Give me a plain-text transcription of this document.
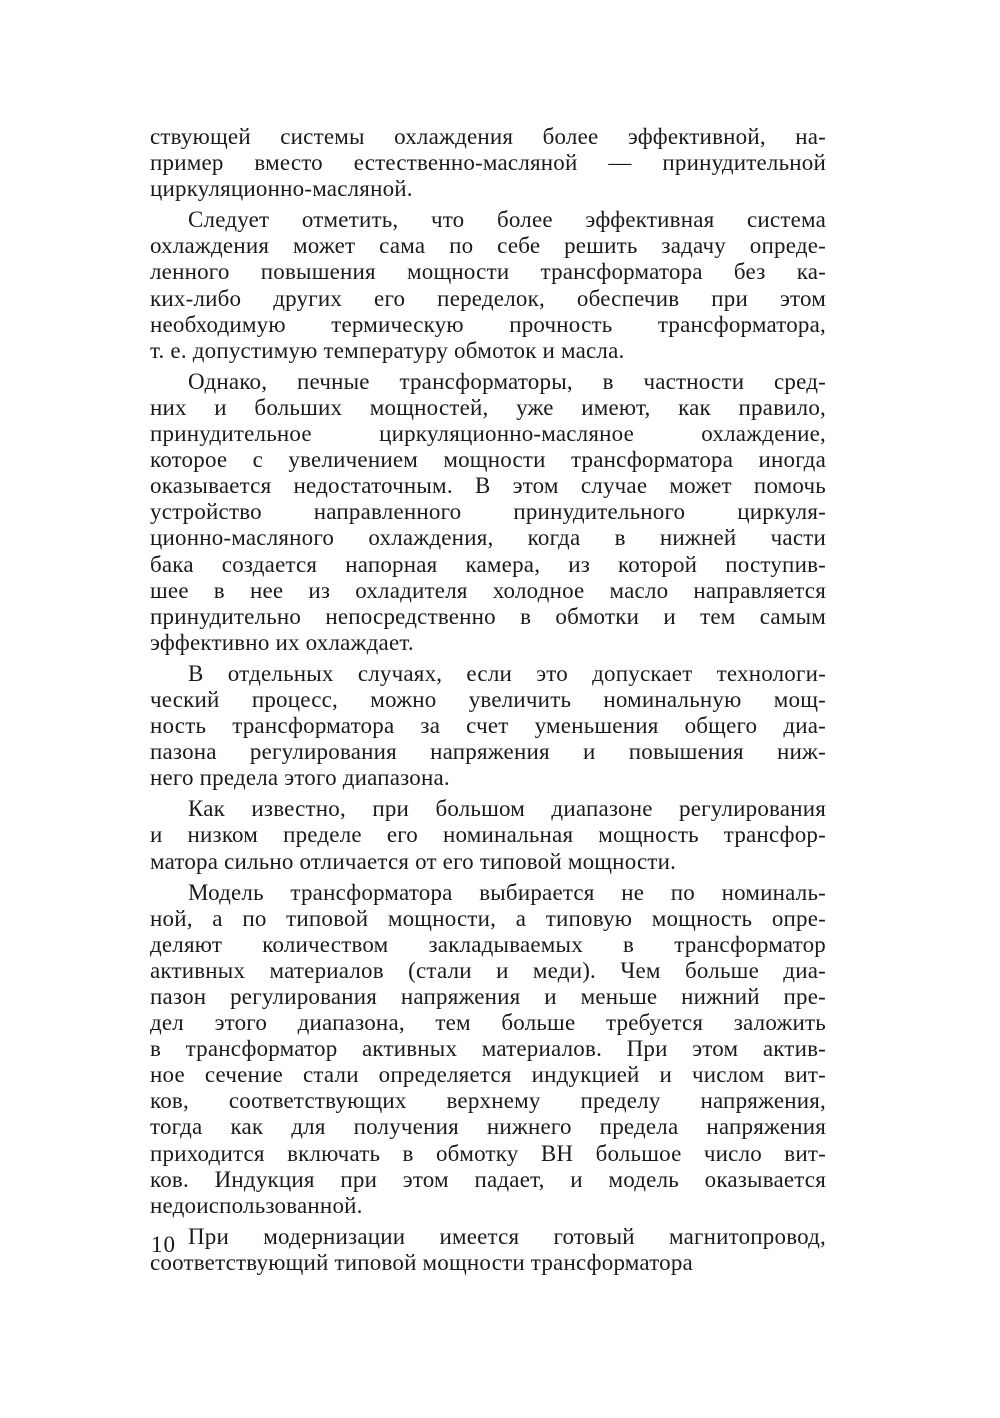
ствующей системы охлаждения более эффективной, на-
пример вместо естественно-масляной — принудительной
циркуляционно-масляной.
Следует отметить, что более эффективная система
охлаждения может сама по себе решить задачу опреде-
ленного повышения мощности трансформатора без ка-
ких-либо других его переделок, обеспечив при этом
необходимую термическую прочность трансформатора,
т. е. допустимую температуру обмоток и масла.
Однако, печные трансформаторы, в частности сред-
них и больших мощностей, уже имеют, как правило,
принудительное циркуляционно-масляное охлаждение,
которое с увеличением мощности трансформатора иногда
оказывается недостаточным. В этом случае может помочь
устройство направленного принудительного циркуля-
ционно-масляного охлаждения, когда в нижней части
бака создается напорная камера, из которой поступив-
шее в нее из охладителя холодное масло направляется
принудительно непосредственно в обмотки и тем самым
эффективно их охлаждает.
В отдельных случаях, если это допускает технологи-
ческий процесс, можно увеличить номинальную мощ-
ность трансформатора за счет уменьшения общего диа-
пазона регулирования напряжения и повышения ниж-
него предела этого диапазона.
Как известно, при большом диапазоне регулирования
и низком пределе его номинальная мощность трансфор-
матора сильно отличается от его типовой мощности.
Модель трансформатора выбирается не по номиналь-
ной, а по типовой мощности, а типовую мощность опре-
деляют количеством закладываемых в трансформатор
активных материалов (стали и меди). Чем больше диа-
пазон регулирования напряжения и меньше нижний пре-
дел этого диапазона, тем больше требуется заложить
в трансформатор активных материалов. При этом актив-
ное сечение стали определяется индукцией и числом вит-
ков, соответствующих верхнему пределу напряжения,
тогда как для получения нижнего предела напряжения
приходится включать в обмотку ВН большое число вит-
ков. Индукция при этом падает, и модель оказывается
недоиспользованной.
При модернизации имеется готовый магнитопровод,
соответствующий типовой мощности трансформатора
10
